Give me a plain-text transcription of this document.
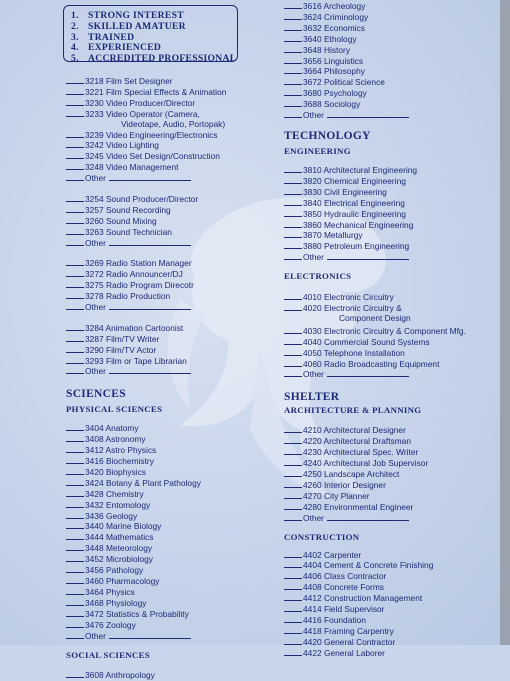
1. STRONG INTEREST
2. SKILLED AMATUER
3. TRAINED
4. EXPERIENCED
5. ACCREDITED PROFESSIONAL
3218 Film Set Designer
3221 Film Special Effects & Animation
3230 Video Producer/Director
3233 Video Operator (Camera,
Videotape, Audio, Portopak)
3239 Video Engineering/Electronics
3242 Video Lighting
3245 Video Set Design/Construction
3248 Video Management
Other
3254 Sound Producer/Director
3257 Sound Recording
3260 Sound Mixing
3263 Sound Technician
Other
3269 Radio Station Manager
3272 Radio Announcer/DJ
3275 Radio Program Direcotr
3278 Radio Production
Other
3284 Animation Cartoonist
3287 Film/TV Writer
3290 Film/TV Actor
3293 Film or Tape Librarian
Other
SCIENCES
PHYSICAL SCIENCES
3404 Anatomy
3408 Astronomy
3412 Astro Physics
3416 Biochemistry
3420 Biophysics
3424 Botany & Plant Pathology
3428 Chemistry
3432 Entomology
3436 Geology
3440 Marine Biology
3444 Mathematics
3448 Meteorology
3452 Microbiology
3456 Pathology
3460 Pharmacology
3464 Physics
3468 Physiology
3472 Statistics & Probability
3476 Zoology
Other
SOCIAL SCIENCES
3608 Anthropology
3616 Archeology
3624 Criminology
3632 Economics
3640 Ethology
3648 History
3656 Linguistics
3664 Philosophy
3672 Political Science
3680 Psychology
3688 Sociology
Other
TECHNOLOGY
ENGINEERING
3810 Architectural Engineering
3820 Chemical Engineering
3830 Civil Engineering
3840 Electrical Engineering
3850 Hydraulic Engineering
3860 Mechanical Engineering
3870 Metallurgy
3880 Petroleum Engineering
Other
ELECTRONICS
4010 Electronic Circuitry
4020 Electronic Circuitry &
Component Design
4030 Electronic Circuitry & Component Mfg.
4040 Commercial Sound Systems
4050 Telephone Installation
4060 Radio Broadcasting Equipment
Other
SHELTER
ARCHITECTURE & PLANNING
4210 Architectural Designer
4220 Architectural Draftsman
4230 Architectural Spec. Writer
4240 Architectural Job Supervisor
4250 Landscape Architect
4260 Interior Designer
4270 City Planner
4280 Environmental Engineer
Other
CONSTRUCTION
4402 Carpenter
4404 Cement & Concrete Finishing
4406 Class Contractor
4408 Concrete Forms
4412 Construction Management
4414 Field Supervisor
4416 Foundation
4418 Framing Carpentry
4420 General Contractor
4422 General Laborer
